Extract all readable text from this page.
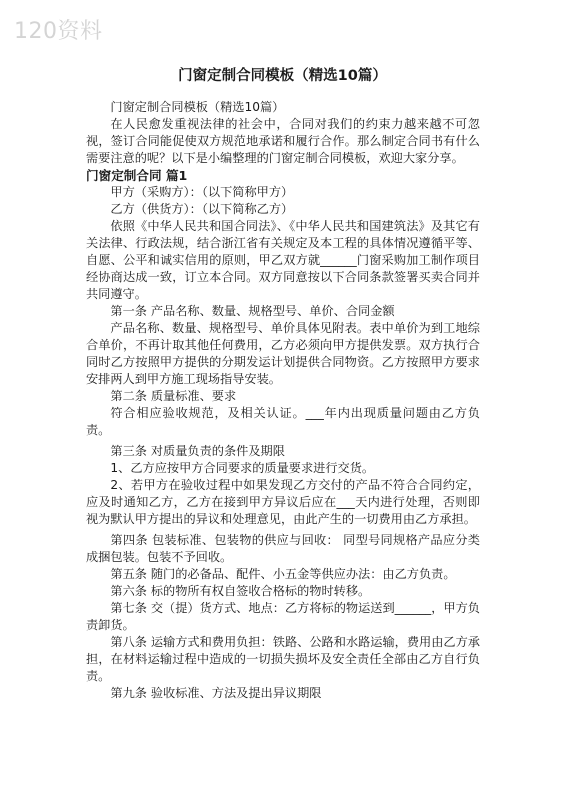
120资料
门窗定制合同模板（精选10篇）

门窗定制合同模板（精选10篇）

在人民愈发重视法律的社会中，合同对我们的约束力越来越不可忽视，签订合同能促使双方规范地承诺和履行合作。那么制定合同书有什么需要注意的呢？以下是小编整理的门窗定制合同模板，欢迎大家分享。

门窗定制合同 篇1

甲方（采购方）：（以下简称甲方）

乙方（供货方）：（以下简称乙方）

依照《中华人民共和国合同法》、《中华人民共和国建筑法》及其它有关法律、行政法规，结合浙江省有关规定及本工程的具体情况遵循平等、自愿、公平和诚实信用的原则，甲乙双方就______门窗采购加工制作项目经协商达成一致，订立本合同。双方同意按以下合同条款签署买卖合同并共同遵守。

第一条 产品名称、数量、规格型号、单价、合同金额

产品名称、数量、规格型号、单价具体见附表。表中单价为到工地综合单价，不再计取其他任何费用，乙方必须向甲方提供发票。双方执行合同时乙方按照甲方提供的分期发运计划提供合同物资。乙方按照甲方要求安排两人到甲方施工现场指导安装。

第二条 质量标准、要求

符合相应验收规范，及相关认证。___年内出现质量问题由乙方负责。

第三条 对质量负责的条件及期限

1、乙方应按甲方合同要求的质量要求进行交货。

2、若甲方在验收过程中如果发现乙方交付的产品不符合合同约定，应及时通知乙方，乙方在接到甲方异议后应在___天内进行处理，否则即视为默认甲方提出的异议和处理意见，由此产生的一切费用由乙方承担。

第四条 包装标准、包装物的供应与回收： 同型号同规格产品应分类成捆包装。包装不予回收。

第五条 随门的必备品、配件、小五金等供应办法：由乙方负责。

第六条 标的物所有权自签收合格标的物时转移。

第七条 交（提）货方式、地点：乙方将标的物运送到______，甲方负责卸货。

第八条 运输方式和费用负担：铁路、公路和水路运输，费用由乙方承担，在材料运输过程中造成的一切损失损坏及安全责任全部由乙方自行负责。

第九条 验收标准、方法及提出异议期限
